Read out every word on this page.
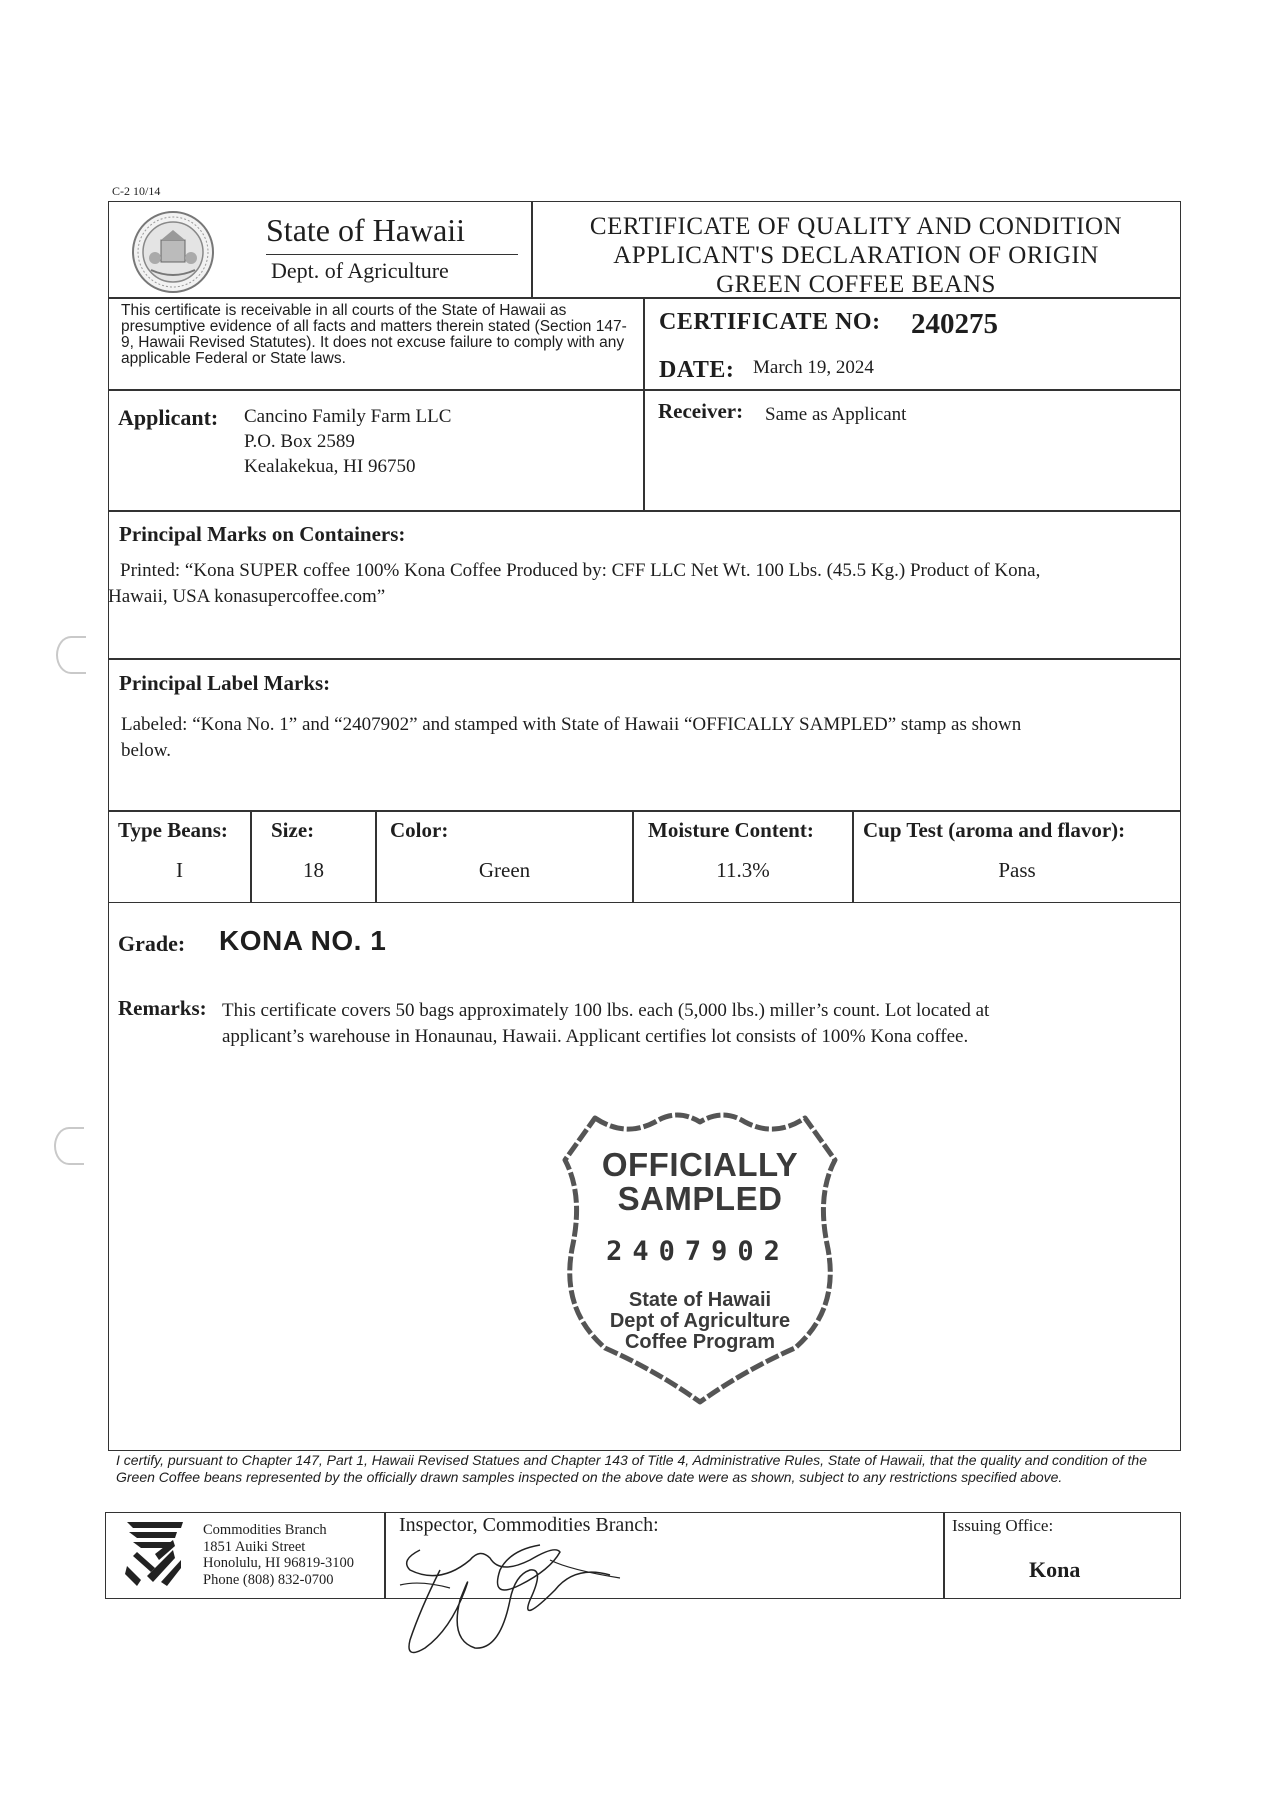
C-2 10/14
State of Hawaii
Dept. of Agriculture
CERTIFICATE OF QUALITY AND CONDITION
APPLICANT'S DECLARATION OF ORIGIN
GREEN COFFEE BEANS
This certificate is receivable in all courts of the State of Hawaii as presumptive evidence of all facts and matters therein stated (Section 147-9, Hawaii Revised Statutes). It does not excuse failure to comply with any applicable Federal or State laws.
CERTIFICATE NO: 240275
DATE: March 19, 2024
Applicant: Cancino Family Farm LLC
P.O. Box 2589
Kealakekua, HI 96750
Receiver: Same as Applicant
Principal Marks on Containers:
Printed: “Kona SUPER coffee 100% Kona Coffee Produced by: CFF LLC Net Wt. 100 Lbs. (45.5 Kg.) Product of Kona,
Hawaii, USA konasupercoffee.com”
Principal Label Marks:
Labeled: “Kona No. 1” and “2407902” and stamped with State of Hawaii “OFFICALLY SAMPLED” stamp as shown
below.
Type Beans: Size:	Color:	Moisture Content: Cup Test (aroma and flavor):
I	18	Green	11.3%	Pass
Grade: KONA NO. 1
Remarks: This certificate covers 50 bags approximately 100 lbs. each (5,000 lbs.) miller’s count. Lot located at
applicant’s warehouse in Honaunau, Hawaii. Applicant certifies lot consists of 100% Kona coffee.
OFFICIALLY
SAMPLED
2407902
State of Hawaii
Dept of Agriculture
Coffee Program
I certify, pursuant to Chapter 147, Part 1, Hawaii Revised Statues and Chapter 143 of Title 4, Administrative Rules, State of Hawaii, that the quality and condition of the Green Coffee beans represented by the officially drawn samples inspected on the above date were as shown, subject to any restrictions specified above.
Commodities Branch
1851 Auiki Street
Honolulu, HI 96819-3100
Phone (808) 832-0700
Inspector, Commodities Branch:	Issuing Office:
Kona
